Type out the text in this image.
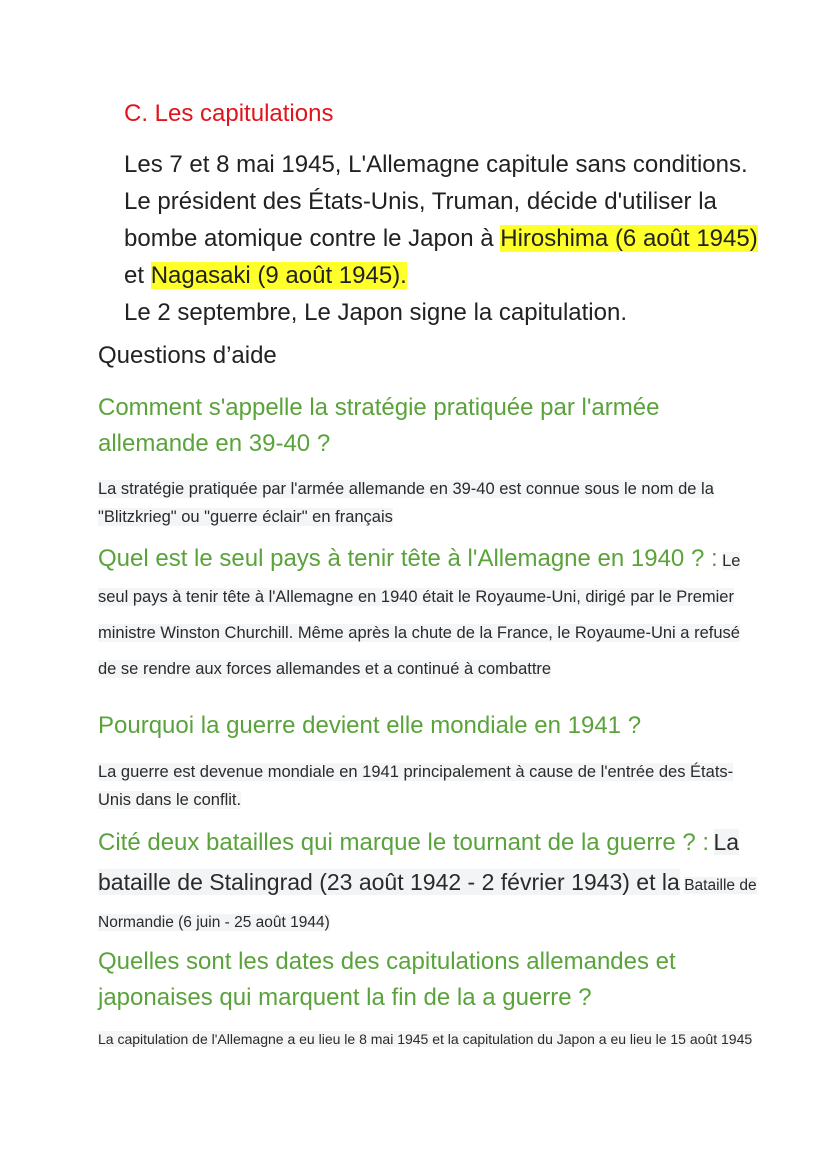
C. Les capitulations
Les 7 et 8 mai 1945, L'Allemagne capitule sans conditions. Le président des États-Unis, Truman, décide d'utiliser la bombe atomique contre le Japon à Hiroshima (6 août 1945) et Nagasaki (9 août 1945).
Le 2 septembre, Le Japon signe la capitulation.
Questions d’aide
Comment s'appelle la stratégie pratiquée par l'armée allemande en 39-40 ?
La stratégie pratiquée par l'armée allemande en 39-40 est connue sous le nom de la "Blitzkrieg" ou "guerre éclair" en français
Quel est le seul pays à tenir tête à l'Allemagne en 1940 ? : Le seul pays à tenir tête à l'Allemagne en 1940 était le Royaume-Uni, dirigé par le Premier ministre Winston Churchill. Même après la chute de la France, le Royaume-Uni a refusé de se rendre aux forces allemandes et a continué à combattre
Pourquoi la guerre devient elle mondiale en 1941 ?
La guerre est devenue mondiale en 1941 principalement à cause de l'entrée des États-Unis dans le conflit.
Cité deux batailles qui marque le tournant de la guerre ? : La bataille de Stalingrad (23 août 1942 - 2 février 1943) et la Bataille de Normandie (6 juin - 25 août 1944)
Quelles sont les dates des capitulations allemandes et japonaises qui marquent la fin de la a guerre ?
La capitulation de l'Allemagne a eu lieu le 8 mai 1945 et la capitulation du Japon a eu lieu le 15 août 1945
